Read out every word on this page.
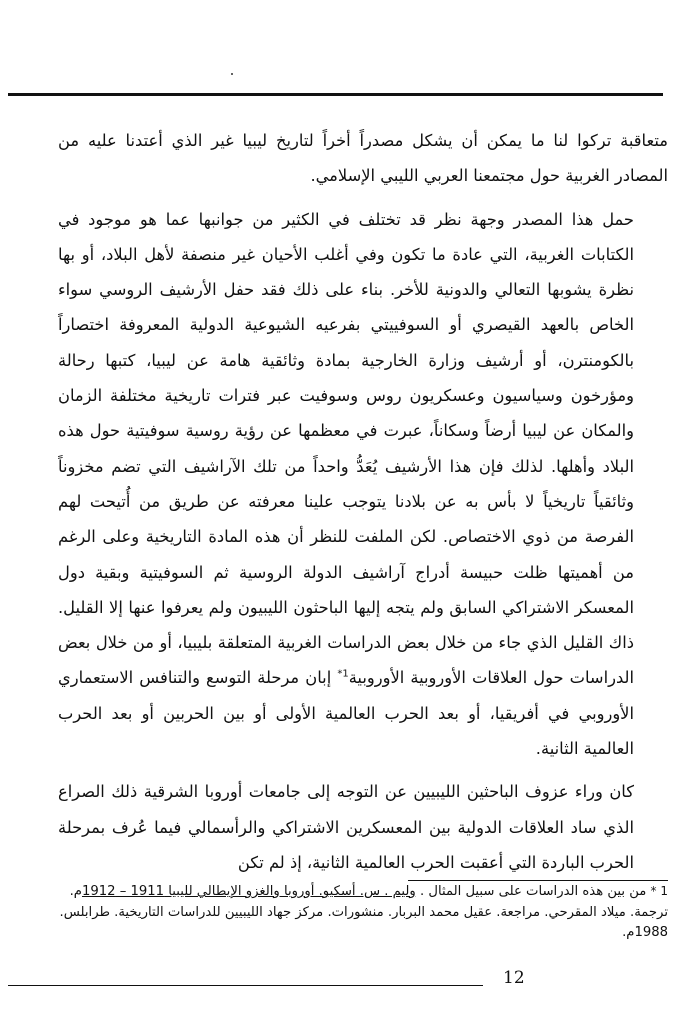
متعاقبة تركوا لنا ما يمكن أن يشكل مصدراً أخراً لتاريخ ليبيا غير الذي أعتدنا عليه من المصادر الغربية حول مجتمعنا العربي الليبي الإسلامي.

حمل هذا المصدر وجهة نظر قد تختلف في الكثير من جوانبها عما هو موجود في الكتابات الغربية، التي عادة ما تكون وفي أغلب الأحيان غير منصفة لأهل البلاد، أو بها نظرة يشوبها التعالي والدونية للأخر. بناء على ذلك فقد حفل الأرشيف الروسي سواء الخاص بالعهد القيصري أو السوفييتي بفرعيه الشيوعية الدولية المعروفة اختصاراً بالكومنترن، أو أرشيف وزارة الخارجية بمادة وثائقية هامة عن ليبيا، كتبها رحالة ومؤرخون وسياسيون وعسكريون روس وسوفيت عبر فترات تاريخية مختلفة الزمان والمكان عن ليبيا أرضاً وسكاناً، عبرت في معظمها عن رؤية روسية سوفيتية حول هذه البلاد وأهلها. لذلك فإن هذا الأرشيف يُعَدُّ واحداً من تلك الآراشيف التي تضم مخزوناً وثائقياً تاريخياً لا بأس به عن بلادنا يتوجب علينا معرفته عن طريق من أُتيحت لهم الفرصة من ذوي الاختصاص. لكن الملفت للنظر أن هذه المادة التاريخية وعلى الرغم من أهميتها ظلت حبيسة أدراج آراشيف الدولة الروسية ثم السوفيتية وبقية دول المعسكر الاشتراكي السابق ولم يتجه إليها الباحثون الليبيون ولم يعرفوا عنها إلا القليل. ذاك القليل الذي جاء من خلال بعض الدراسات الغربية المتعلقة بليبيا، أو من خلال بعض الدراسات حول العلاقات الأوروبية الأوروبية$^{1*}$ إبان مرحلة التوسع والتنافس الاستعماري الأوروبي في أفريقيا، أو بعد الحرب العالمية الأولى أو بين الحربين أو بعد الحرب العالمية الثانية.

كان وراء عزوف الباحثين الليبيين عن التوجه إلى جامعات أوروبا الشرقية ذلك الصراع الذي ساد العلاقات الدولية بين المعسكرين الاشتراكي والرأسمالي فيما عُرف بمرحلة الحرب الباردة التي أعقبت الحرب العالمية الثانية، إذ لم تكن

1 * من بين هذه الدراسات على سبيل المثال . وليم . س. أسكيو. أوروبا والغزو الإيطالي لليبيا 1911 – 1912م. ترجمة. ميلاد المقرحي. مراجعة. عقيل محمد البربار. منشورات. مركز جهاد الليبيين للدراسات التاريخية. طرابلس. 1988م.

12
